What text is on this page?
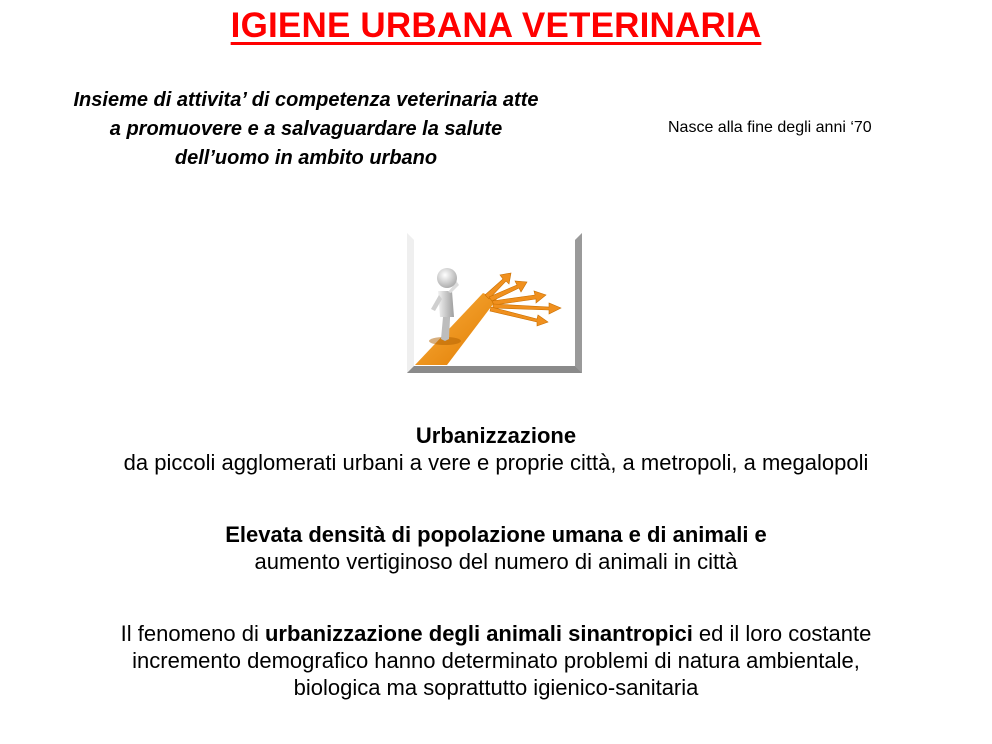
IGIENE URBANA VETERINARIA
Insieme di attivita’ di competenza veterinaria atte
a promuovere e a salvaguardare la salute
dell’uomo in ambito urbano
Nasce alla fine degli anni ‘70
Urbanizzazione
da piccoli agglomerati urbani a vere e proprie città, a metropoli, a megalopoli
Elevata densità di popolazione umana e di animali e
aumento vertiginoso del numero di animali in città
Il fenomeno di urbanizzazione degli animali sinantropici ed il loro costante
incremento demografico hanno determinato problemi di natura ambientale,
biologica ma soprattutto igienico-sanitaria
